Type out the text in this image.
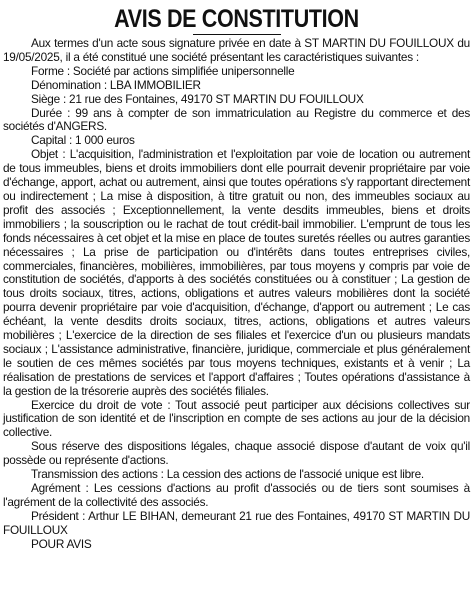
AVIS DE CONSTITUTION

Aux termes d'un acte sous signature privée en date à ST MARTIN DU FOUILLOUX du 19/05/2025, il a été constitué une société présentant les caractéristiques suivantes :

Forme : Société par actions simplifiée unipersonnelle

Dénomination : LBA IMMOBILIER

Siège : 21 rue des Fontaines, 49170 ST MARTIN DU FOUILLOUX

Durée : 99 ans à compter de son immatriculation au Registre du commerce et des sociétés d'ANGERS.

Capital : 1 000 euros

Objet : L'acquisition, l'administration et l'exploitation par voie de location ou autrement de tous immeubles, biens et droits immobiliers dont elle pourrait devenir propriétaire par voie d'échange, apport, achat ou autrement, ainsi que toutes opérations s'y rapportant directement ou indirectement ; La mise à disposition, à titre gratuit ou non, des immeubles sociaux au profit des associés ; Exceptionnellement, la vente desdits immeubles, biens et droits immobiliers ; la souscription ou le rachat de tout crédit-bail immobilier. L'emprunt de tous les fonds nécessaires à cet objet et la mise en place de toutes suretés réelles ou autres garanties nécessaires ; La prise de participation ou d'intérêts dans toutes entreprises civiles, commerciales, financières, mobilières, immobilières, par tous moyens y compris par voie de constitution de sociétés, d'apports à des sociétés constituées ou à constituer ; La gestion de tous droits sociaux, titres, actions, obligations et autres valeurs mobilières dont la société pourra devenir propriétaire par voie d'acquisition, d'échange, d'apport ou autrement ; Le cas échéant, la vente desdits droits sociaux, titres, actions, obligations et autres valeurs mobilières ; L'exercice de la direction de ses filiales et l'exercice d'un ou plusieurs mandats sociaux ; L'assistance administrative, financière, juridique, commerciale et plus généralement le soutien de ces mêmes sociétés par tous moyens techniques, existants et à venir ; La réalisation de prestations de services et l'apport d'affaires ; Toutes opérations d'assistance à la gestion de la trésorerie auprès des sociétés filiales.

Exercice du droit de vote : Tout associé peut participer aux décisions collectives sur justification de son identité et de l'inscription en compte de ses actions au jour de la décision collective.

Sous réserve des dispositions légales, chaque associé dispose d'autant de voix qu'il possède ou représente d'actions.

Transmission des actions : La cession des actions de l'associé unique est libre.

Agrément : Les cessions d'actions au profit d'associés ou de tiers sont soumises à l'agrément de la collectivité des associés.

Président : Arthur LE BIHAN, demeurant 21 rue des Fontaines, 49170 ST MARTIN DU FOUILLOUX

POUR AVIS
